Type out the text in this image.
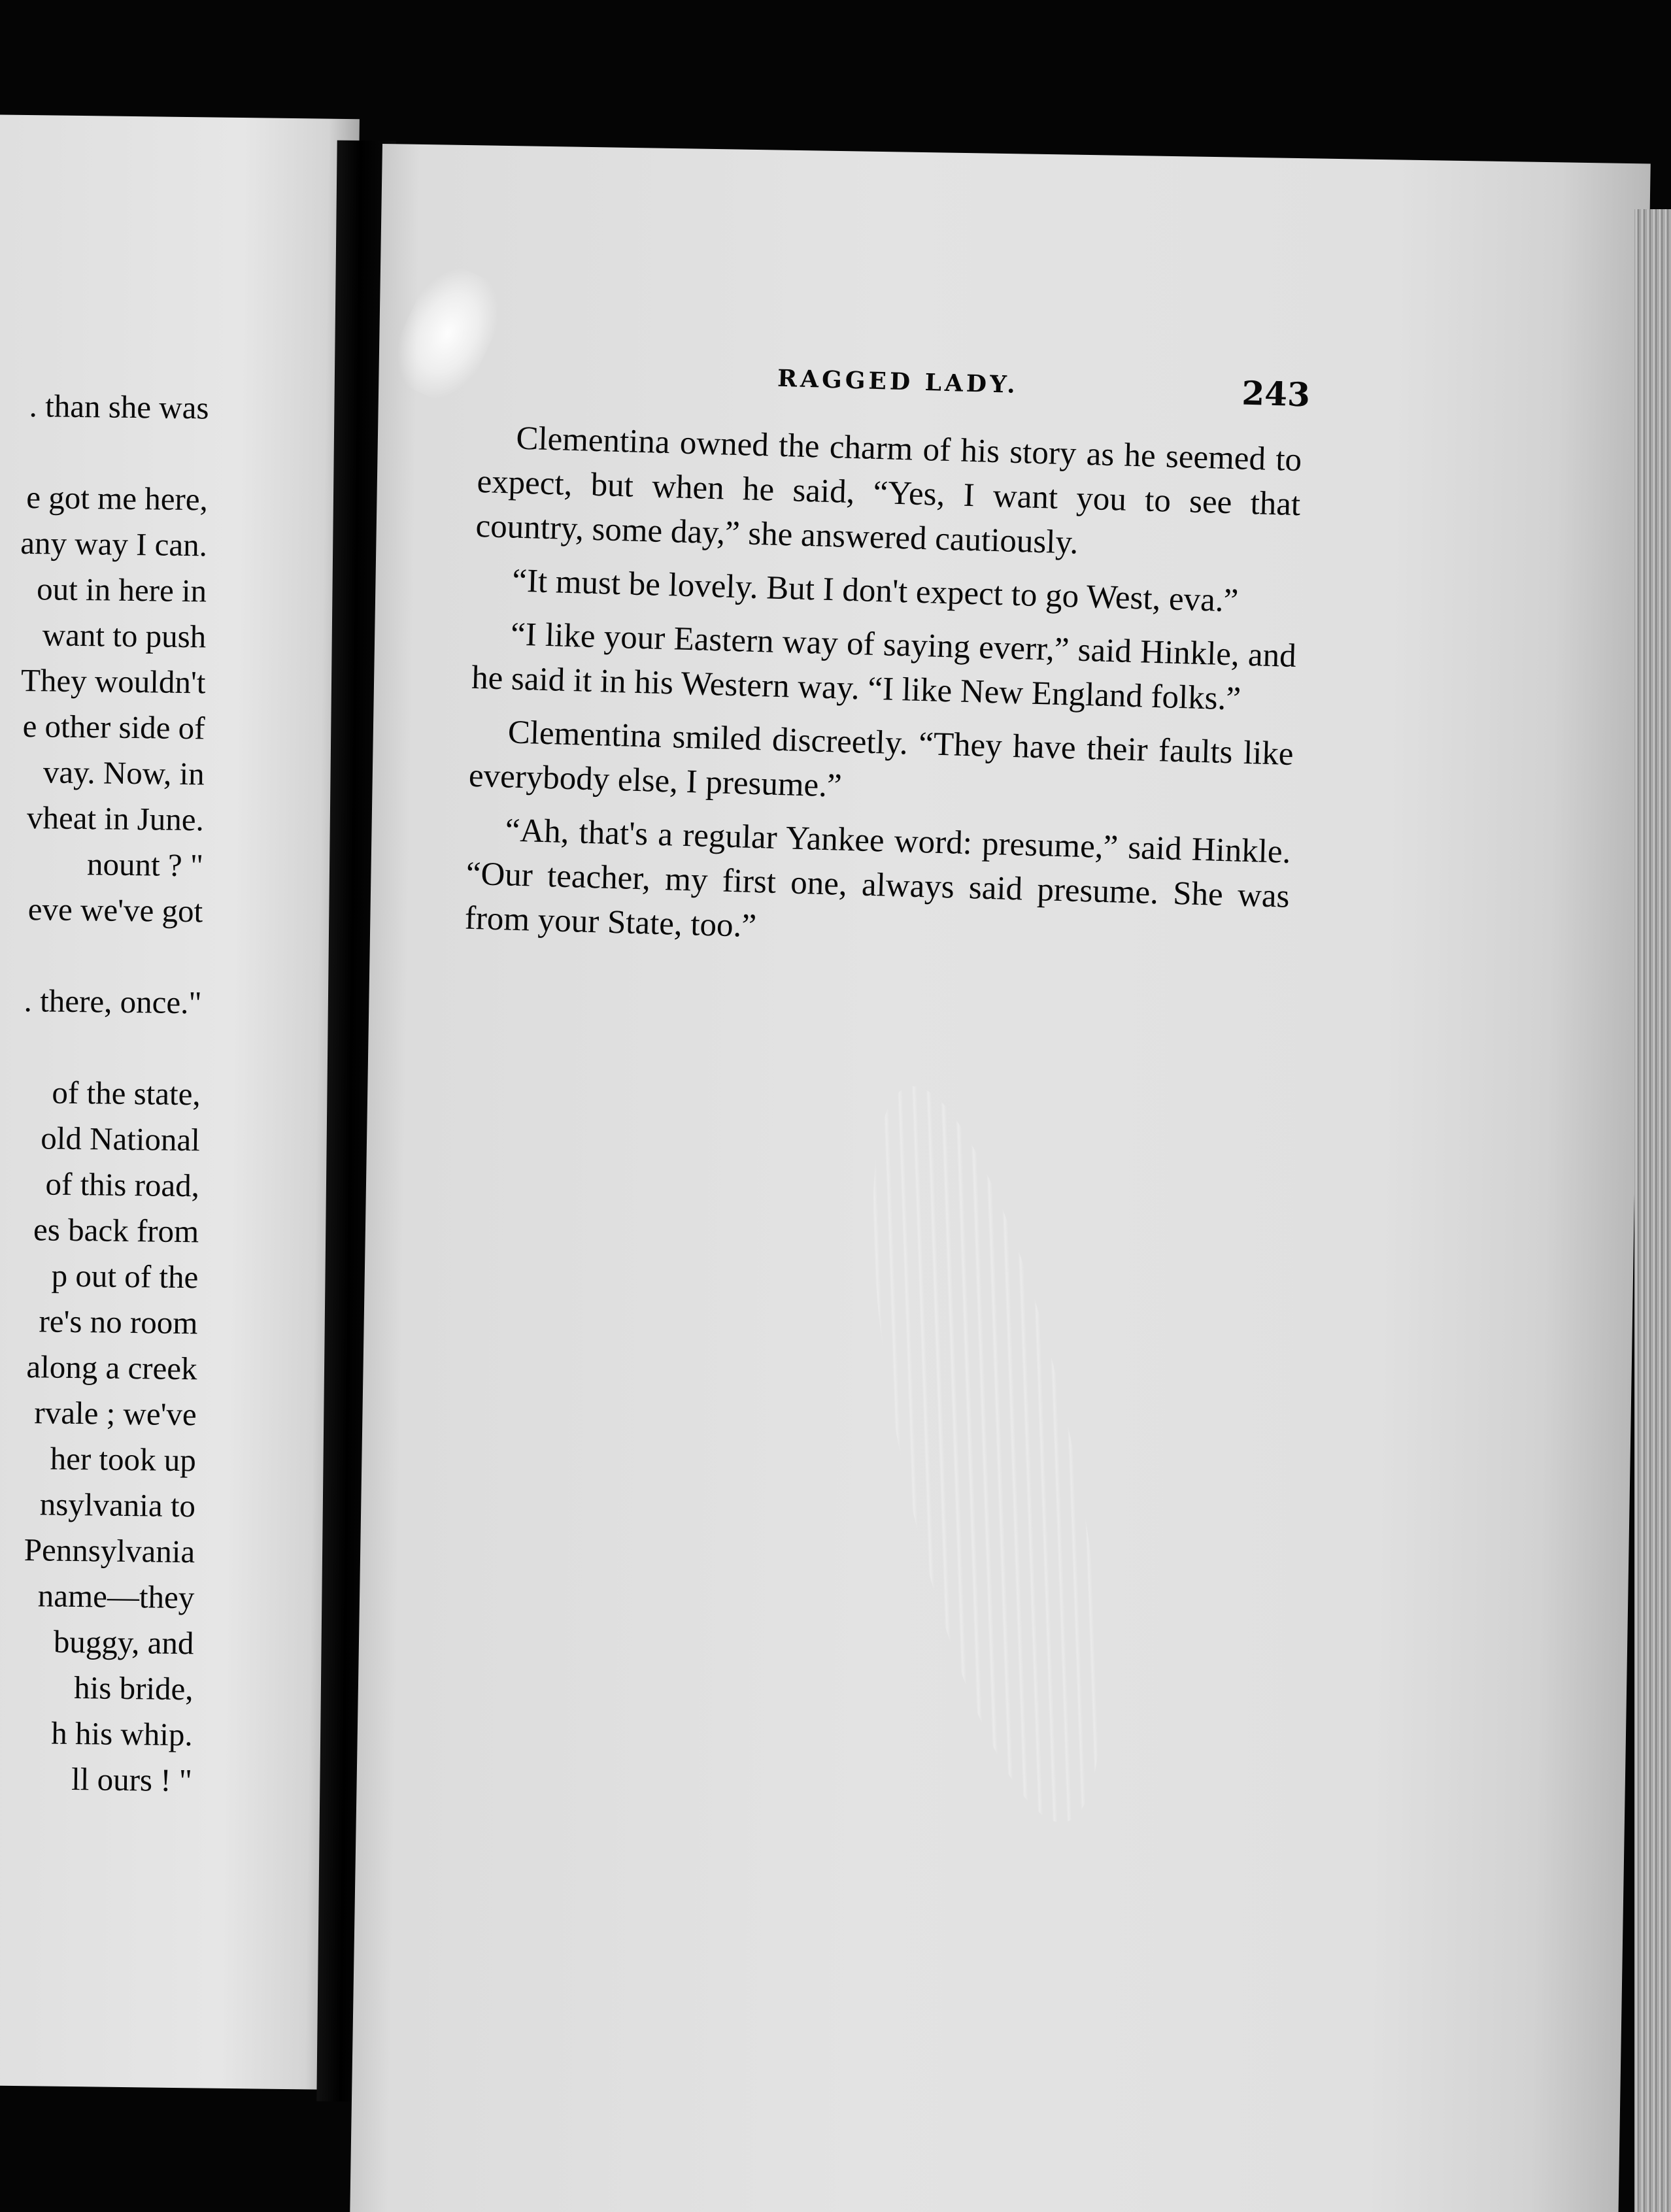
. than she was
e got me here,
any way I can.
out in here in
want to push
They wouldn't
e other side of
vay. Now, in
vheat in June.
nount ? "
eve we've got
. there, once."
of the state,
old National
of this road,
es back from
p out of the
re's no room
along a creek
rvale ; we've
her took up
nsylvania to
Pennsylvania
name—they
buggy, and
his bride,
h his whip.
ll ours ! "
RAGGED LADY.	243

Clementina owned the charm of his story as he seemed to expect, but when he said, “Yes, I want you to see that country, some day,” she answered cautiously.

“It must be lovely. But I don't expect to go West, eva.”

“I like your Eastern way of saying everr,” said Hinkle, and he said it in his Western way. “I like New England folks.”

Clementina smiled discreetly. “They have their faults like everybody else, I presume.”

“Ah, that's a regular Yankee word: presume,” said Hinkle. “Our teacher, my first one, always said presume. She was from your State, too.”
